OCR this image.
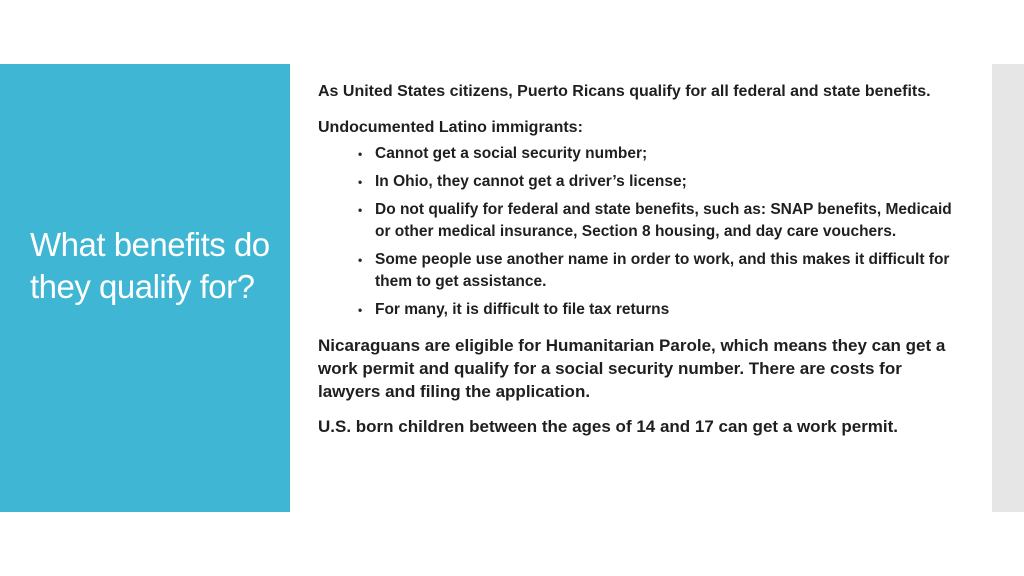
What benefits do they qualify for?

As United States citizens, Puerto Ricans qualify for all federal and state benefits.

Undocumented Latino immigrants:

• Cannot get a social security number;
• In Ohio, they cannot get a driver’s license;
• Do not qualify for federal and state benefits, such as: SNAP benefits, Medicaid or other medical insurance, Section 8 housing, and day care vouchers.
• Some people use another name in order to work, and this makes it difficult for them to get assistance.
• For many, it is difficult to file tax returns

Nicaraguans are eligible for Humanitarian Parole, which means they can get a work permit and qualify for a social security number. There are costs for lawyers and filing the application.

U.S. born children between the ages of 14 and 17 can get a work permit.
